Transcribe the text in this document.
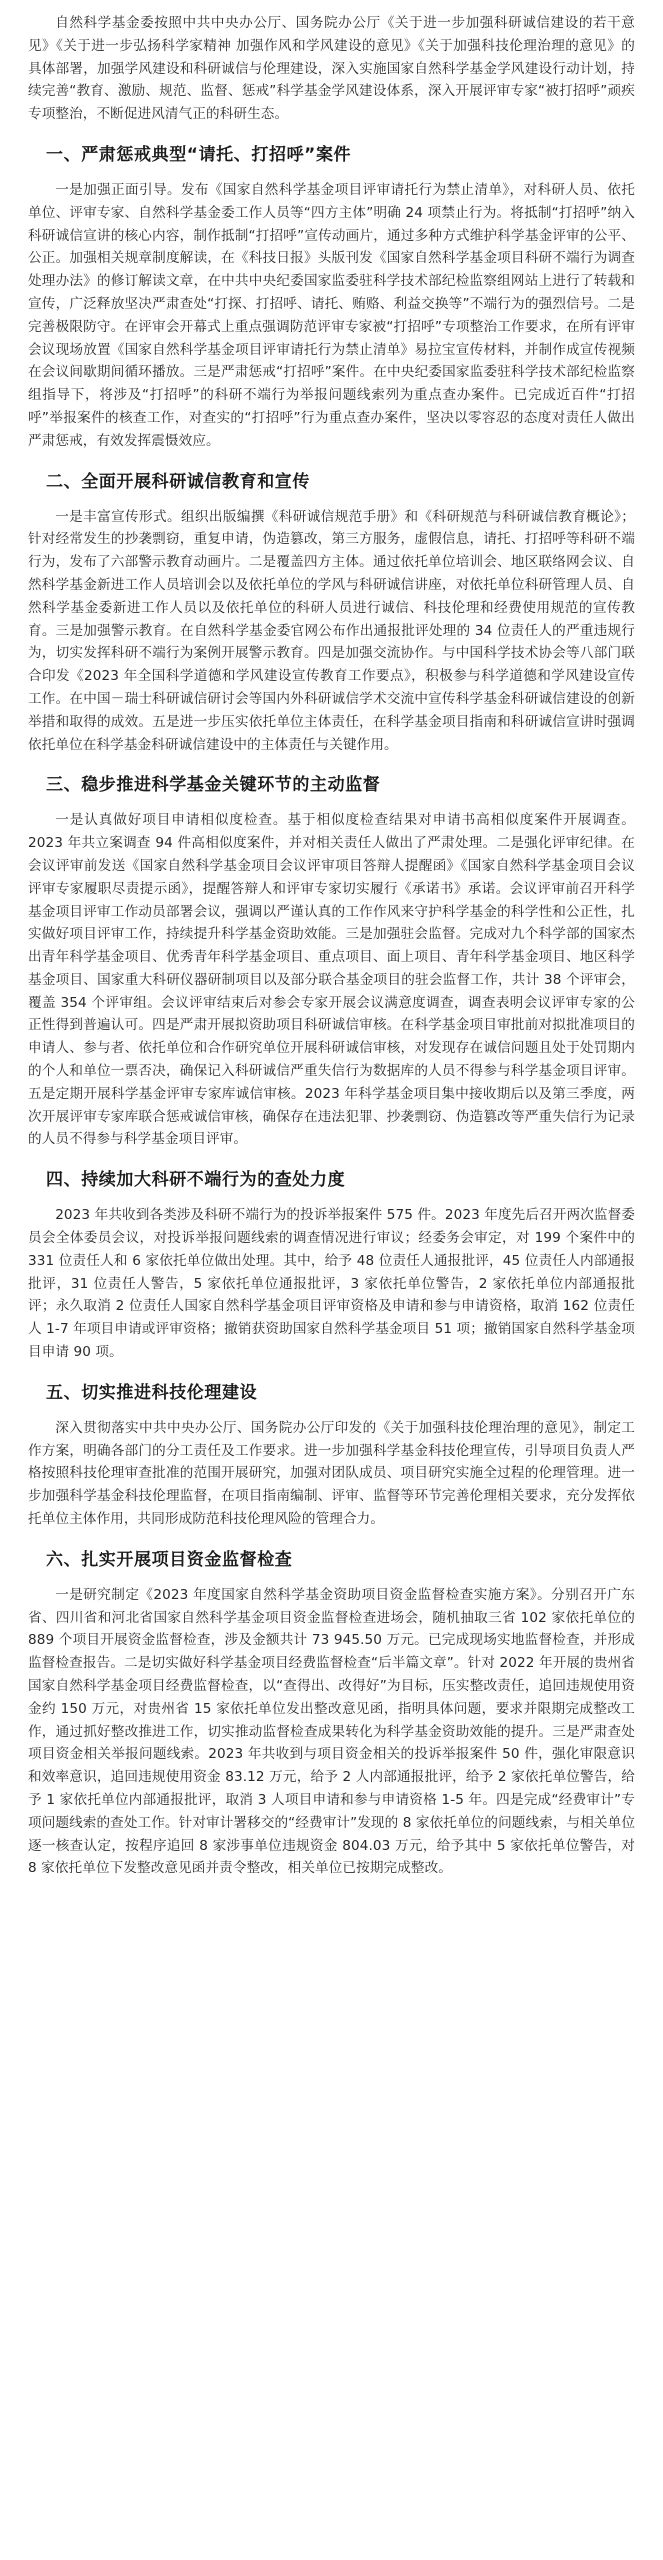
自然科学基金委按照中共中央办公厅、国务院办公厅《关于进一步加强科研诚信建设的若干意见》《关于进一步弘扬科学家精神 加强作风和学风建设的意见》《关于加强科技伦理治理的意见》的具体部署，加强学风建设和科研诚信与伦理建设，深入实施国家自然科学基金学风建设行动计划，持续完善“教育、激励、规范、监督、惩戒”科学基金学风建设体系，深入开展评审专家“被打招呼”顽疾专项整治，不断促进风清气正的科研生态。

一、严肃惩戒典型“请托、打招呼”案件

一是加强正面引导。发布《国家自然科学基金项目评审请托行为禁止清单》，对科研人员、依托单位、评审专家、自然科学基金委工作人员等“四方主体”明确 24 项禁止行为。将抵制“打招呼”纳入科研诚信宣讲的核心内容，制作抵制“打招呼”宣传动画片，通过多种方式维护科学基金评审的公平、公正。加强相关规章制度解读，在《科技日报》头版刊发《国家自然科学基金项目科研不端行为调查处理办法》的修订解读文章，在中共中央纪委国家监委驻科学技术部纪检监察组网站上进行了转载和宣传，广泛释放坚决严肃查处“打探、打招呼、请托、贿赂、利益交换等”不端行为的强烈信号。二是完善极限防守。在评审会开幕式上重点强调防范评审专家被“打招呼”专项整治工作要求，在所有评审会议现场放置《国家自然科学基金项目评审请托行为禁止清单》易拉宝宣传材料，并制作成宣传视频在会议间歇期间循环播放。三是严肃惩戒“打招呼”案件。在中央纪委国家监委驻科学技术部纪检监察组指导下，将涉及“打招呼”的科研不端行为举报问题线索列为重点查办案件。已完成近百件“打招呼”举报案件的核查工作，对查实的“打招呼”行为重点查办案件，坚决以零容忍的态度对责任人做出严肃惩戒，有效发挥震慑效应。

二、全面开展科研诚信教育和宣传

一是丰富宣传形式。组织出版编撰《科研诚信规范手册》和《科研规范与科研诚信教育概论》；针对经常发生的抄袭剽窃，重复申请，伪造篡改，第三方服务，虚假信息，请托、打招呼等科研不端行为，发布了六部警示教育动画片。二是覆盖四方主体。通过依托单位培训会、地区联络网会议、自然科学基金新进工作人员培训会以及依托单位的学风与科研诚信讲座，对依托单位科研管理人员、自然科学基金委新进工作人员以及依托单位的科研人员进行诚信、科技伦理和经费使用规范的宣传教育。三是加强警示教育。在自然科学基金委官网公布作出通报批评处理的 34 位责任人的严重违规行为，切实发挥科研不端行为案例开展警示教育。四是加强交流协作。与中国科学技术协会等八部门联合印发《2023 年全国科学道德和学风建设宣传教育工作要点》，积极参与科学道德和学风建设宣传工作。在中国－瑞士科研诚信研讨会等国内外科研诚信学术交流中宣传科学基金科研诚信建设的创新举措和取得的成效。五是进一步压实依托单位主体责任，在科学基金项目指南和科研诚信宣讲时强调依托单位在科学基金科研诚信建设中的主体责任与关键作用。

三、稳步推进科学基金关键环节的主动监督

一是认真做好项目申请相似度检查。基于相似度检查结果对申请书高相似度案件开展调查。2023 年共立案调查 94 件高相似度案件，并对相关责任人做出了严肃处理。二是强化评审纪律。在会议评审前发送《国家自然科学基金项目会议评审项目答辩人提醒函》《国家自然科学基金项目会议评审专家履职尽责提示函》，提醒答辩人和评审专家切实履行《承诺书》承诺。会议评审前召开科学基金项目评审工作动员部署会议，强调以严谨认真的工作作风来守护科学基金的科学性和公正性，扎实做好项目评审工作，持续提升科学基金资助效能。三是加强驻会监督。完成对九个科学部的国家杰出青年科学基金项目、优秀青年科学基金项目、重点项目、面上项目、青年科学基金项目、地区科学基金项目、国家重大科研仪器研制项目以及部分联合基金项目的驻会监督工作，共计 38 个评审会，覆盖 354 个评审组。会议评审结束后对参会专家开展会议满意度调查，调查表明会议评审专家的公正性得到普遍认可。四是严肃开展拟资助项目科研诚信审核。在科学基金项目审批前对拟批准项目的申请人、参与者、依托单位和合作研究单位开展科研诚信审核，对发现存在诚信问题且处于处罚期内的个人和单位一票否决，确保记入科研诚信严重失信行为数据库的人员不得参与科学基金项目评审。五是定期开展科学基金评审专家库诚信审核。2023 年科学基金项目集中接收期后以及第三季度，两次开展评审专家库联合惩戒诚信审核，确保存在违法犯罪、抄袭剽窃、伪造篡改等严重失信行为记录的人员不得参与科学基金项目评审。

四、持续加大科研不端行为的查处力度

2023 年共收到各类涉及科研不端行为的投诉举报案件 575 件。2023 年度先后召开两次监督委员会全体委员会议，对投诉举报问题线索的调查情况进行审议；经委务会审定，对 199 个案件中的 331 位责任人和 6 家依托单位做出处理。其中，给予 48 位责任人通报批评，45 位责任人内部通报批评，31 位责任人警告，5 家依托单位通报批评，3 家依托单位警告，2 家依托单位内部通报批评；永久取消 2 位责任人国家自然科学基金项目评审资格及申请和参与申请资格，取消 162 位责任人 1-7 年项目申请或评审资格；撤销获资助国家自然科学基金项目 51 项；撤销国家自然科学基金项目申请 90 项。

五、切实推进科技伦理建设

深入贯彻落实中共中央办公厅、国务院办公厅印发的《关于加强科技伦理治理的意见》，制定工作方案，明确各部门的分工责任及工作要求。进一步加强科学基金科技伦理宣传，引导项目负责人严格按照科技伦理审查批准的范围开展研究，加强对团队成员、项目研究实施全过程的伦理管理。进一步加强科学基金科技伦理监督，在项目指南编制、评审、监督等环节完善伦理相关要求，充分发挥依托单位主体作用，共同形成防范科技伦理风险的管理合力。

六、扎实开展项目资金监督检查

一是研究制定《2023 年度国家自然科学基金资助项目资金监督检查实施方案》。分别召开广东省、四川省和河北省国家自然科学基金项目资金监督检查进场会，随机抽取三省 102 家依托单位的 889 个项目开展资金监督检查，涉及金额共计 73 945.50 万元。已完成现场实地监督检查，并形成监督检查报告。二是切实做好科学基金项目经费监督检查“后半篇文章”。针对 2022 年开展的贵州省国家自然科学基金项目经费监督检查，以“查得出、改得好”为目标，压实整改责任，追回违规使用资金约 150 万元，对贵州省 15 家依托单位发出整改意见函，指明具体问题，要求并限期完成整改工作，通过抓好整改推进工作，切实推动监督检查成果转化为科学基金资助效能的提升。三是严肃查处项目资金相关举报问题线索。2023 年共收到与项目资金相关的投诉举报案件 50 件，强化审限意识和效率意识，追回违规使用资金 83.12 万元，给予 2 人内部通报批评，给予 2 家依托单位警告，给予 1 家依托单位内部通报批评，取消 3 人项目申请和参与申请资格 1-5 年。四是完成“经费审计”专项问题线索的查处工作。针对审计署移交的“经费审计”发现的 8 家依托单位的问题线索，与相关单位逐一核查认定，按程序追回 8 家涉事单位违规资金 804.03 万元，给予其中 5 家依托单位警告，对 8 家依托单位下发整改意见函并责令整改，相关单位已按期完成整改。
